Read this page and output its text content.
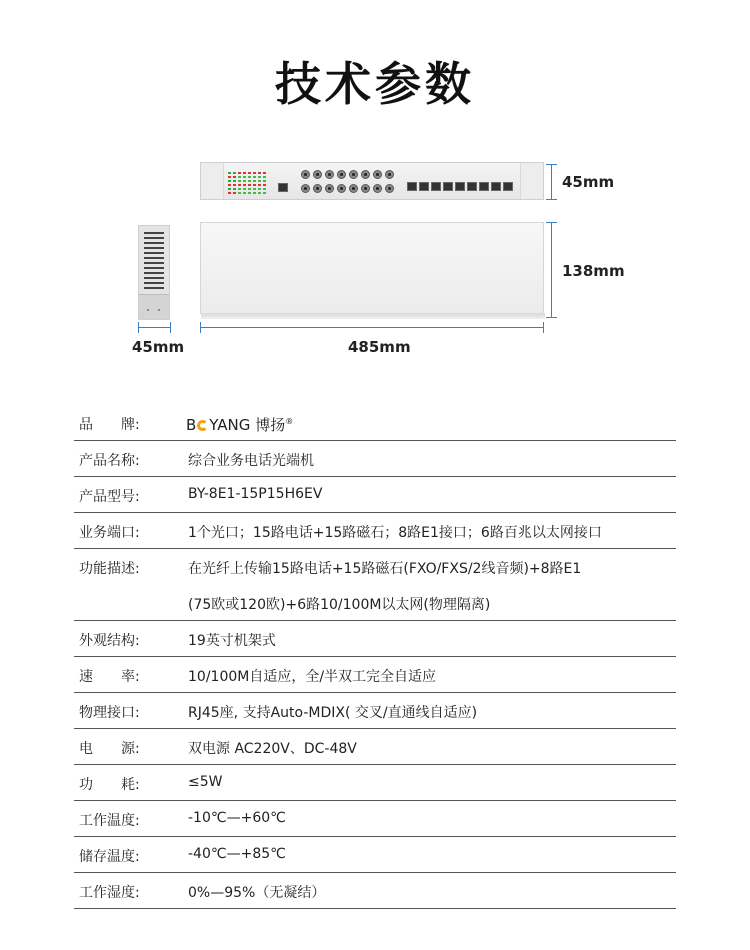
技术参数
45mm
138mm
45mm	485mm
品　　牌:	B YANG 博扬®
产品名称:	综合业务电话光端机
产品型号:	BY-8E1-15P15H6EV
业务端口:	1个光口；15路电话+15路磁石；8路E1接口；6路百兆以太网接口
功能描述:	在光纤上传输15路电话+15路磁石(FXO/FXS/2线音频)+8路E1
(75欧或120欧)+6路10/100M以太网(物理隔离)
外观结构:	19英寸机架式
速　　率:	10/100M自适应，全/半双工完全自适应
物理接口:	RJ45座, 支持Auto-MDIX( 交叉/直通线自适应)
电　　源:	双电源 AC220V、DC-48V
功　　耗:	≤5W
工作温度:	-10℃—+60℃
储存温度:	-40℃—+85℃
工作湿度:	0%—95%（无凝结）
